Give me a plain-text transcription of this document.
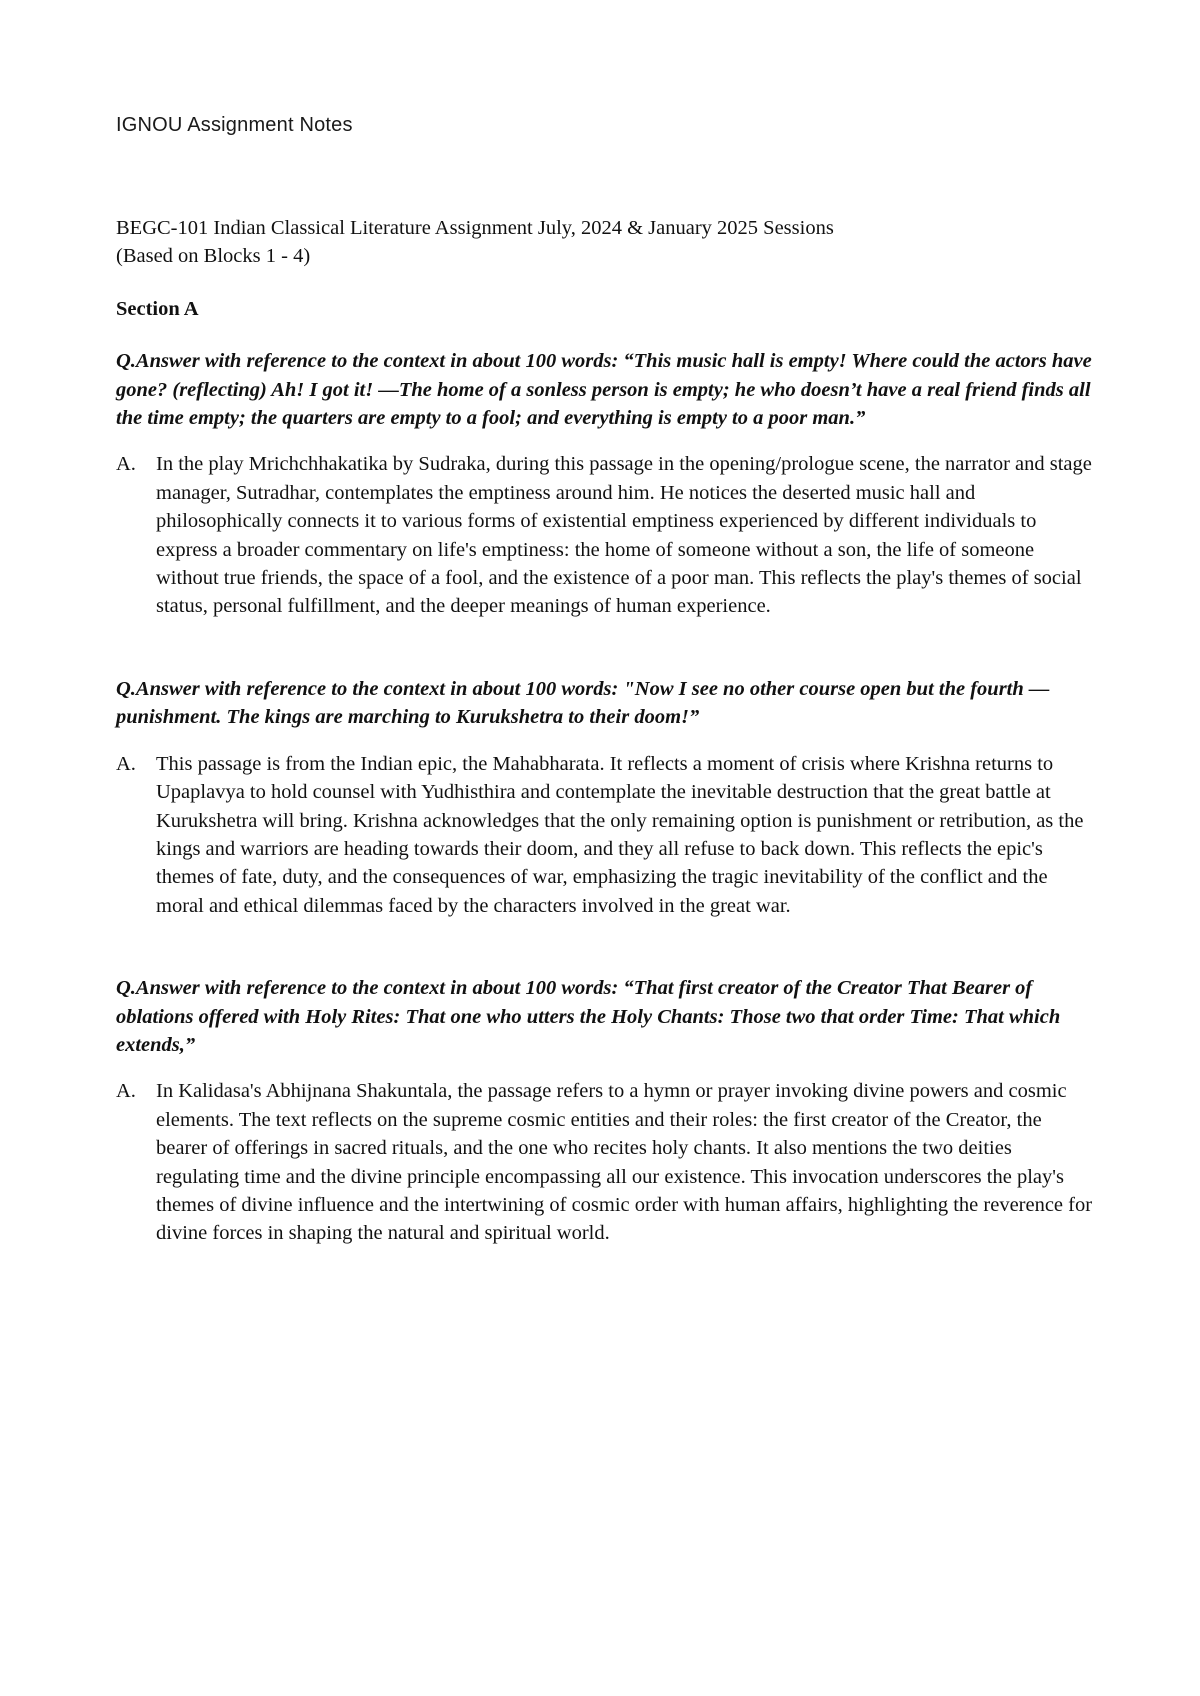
IGNOU Assignment Notes
BEGC-101 Indian Classical Literature Assignment July, 2024 & January 2025 Sessions
(Based on Blocks 1 - 4)
Section A
Q.Answer with reference to the context in about 100 words: “This music hall is empty! Where could the actors have gone? (reflecting) Ah! I got it! —The home of a sonless person is empty; he who doesn’t have a real friend finds all the time empty; the quarters are empty to a fool; and everything is empty to a poor man.”
A. In the play Mrichchhakatika by Sudraka, during this passage in the opening/prologue scene, the narrator and stage manager, Sutradhar, contemplates the emptiness around him. He notices the deserted music hall and philosophically connects it to various forms of existential emptiness experienced by different individuals to express a broader commentary on life's emptiness: the home of someone without a son, the life of someone without true friends, the space of a fool, and the existence of a poor man. This reflects the play's themes of social status, personal fulfillment, and the deeper meanings of human experience.
Q.Answer with reference to the context in about 100 words: "Now I see no other course open but the fourth —punishment. The kings are marching to Kurukshetra to their doom!”
A. This passage is from the Indian epic, the Mahabharata. It reflects a moment of crisis where Krishna returns to Upaplavya to hold counsel with Yudhisthira and contemplate the inevitable destruction that the great battle at Kurukshetra will bring. Krishna acknowledges that the only remaining option is punishment or retribution, as the kings and warriors are heading towards their doom, and they all refuse to back down. This reflects the epic's themes of fate, duty, and the consequences of war, emphasizing the tragic inevitability of the conflict and the moral and ethical dilemmas faced by the characters involved in the great war.
Q.Answer with reference to the context in about 100 words: “That first creator of the Creator That Bearer of oblations offered with Holy Rites: That one who utters the Holy Chants: Those two that order Time: That which extends,”
A. In Kalidasa's Abhijnana Shakuntala, the passage refers to a hymn or prayer invoking divine powers and cosmic elements. The text reflects on the supreme cosmic entities and their roles: the first creator of the Creator, the bearer of offerings in sacred rituals, and the one who recites holy chants. It also mentions the two deities regulating time and the divine principle encompassing all our existence. This invocation underscores the play's themes of divine influence and the intertwining of cosmic order with human affairs, highlighting the reverence for divine forces in shaping the natural and spiritual world.
